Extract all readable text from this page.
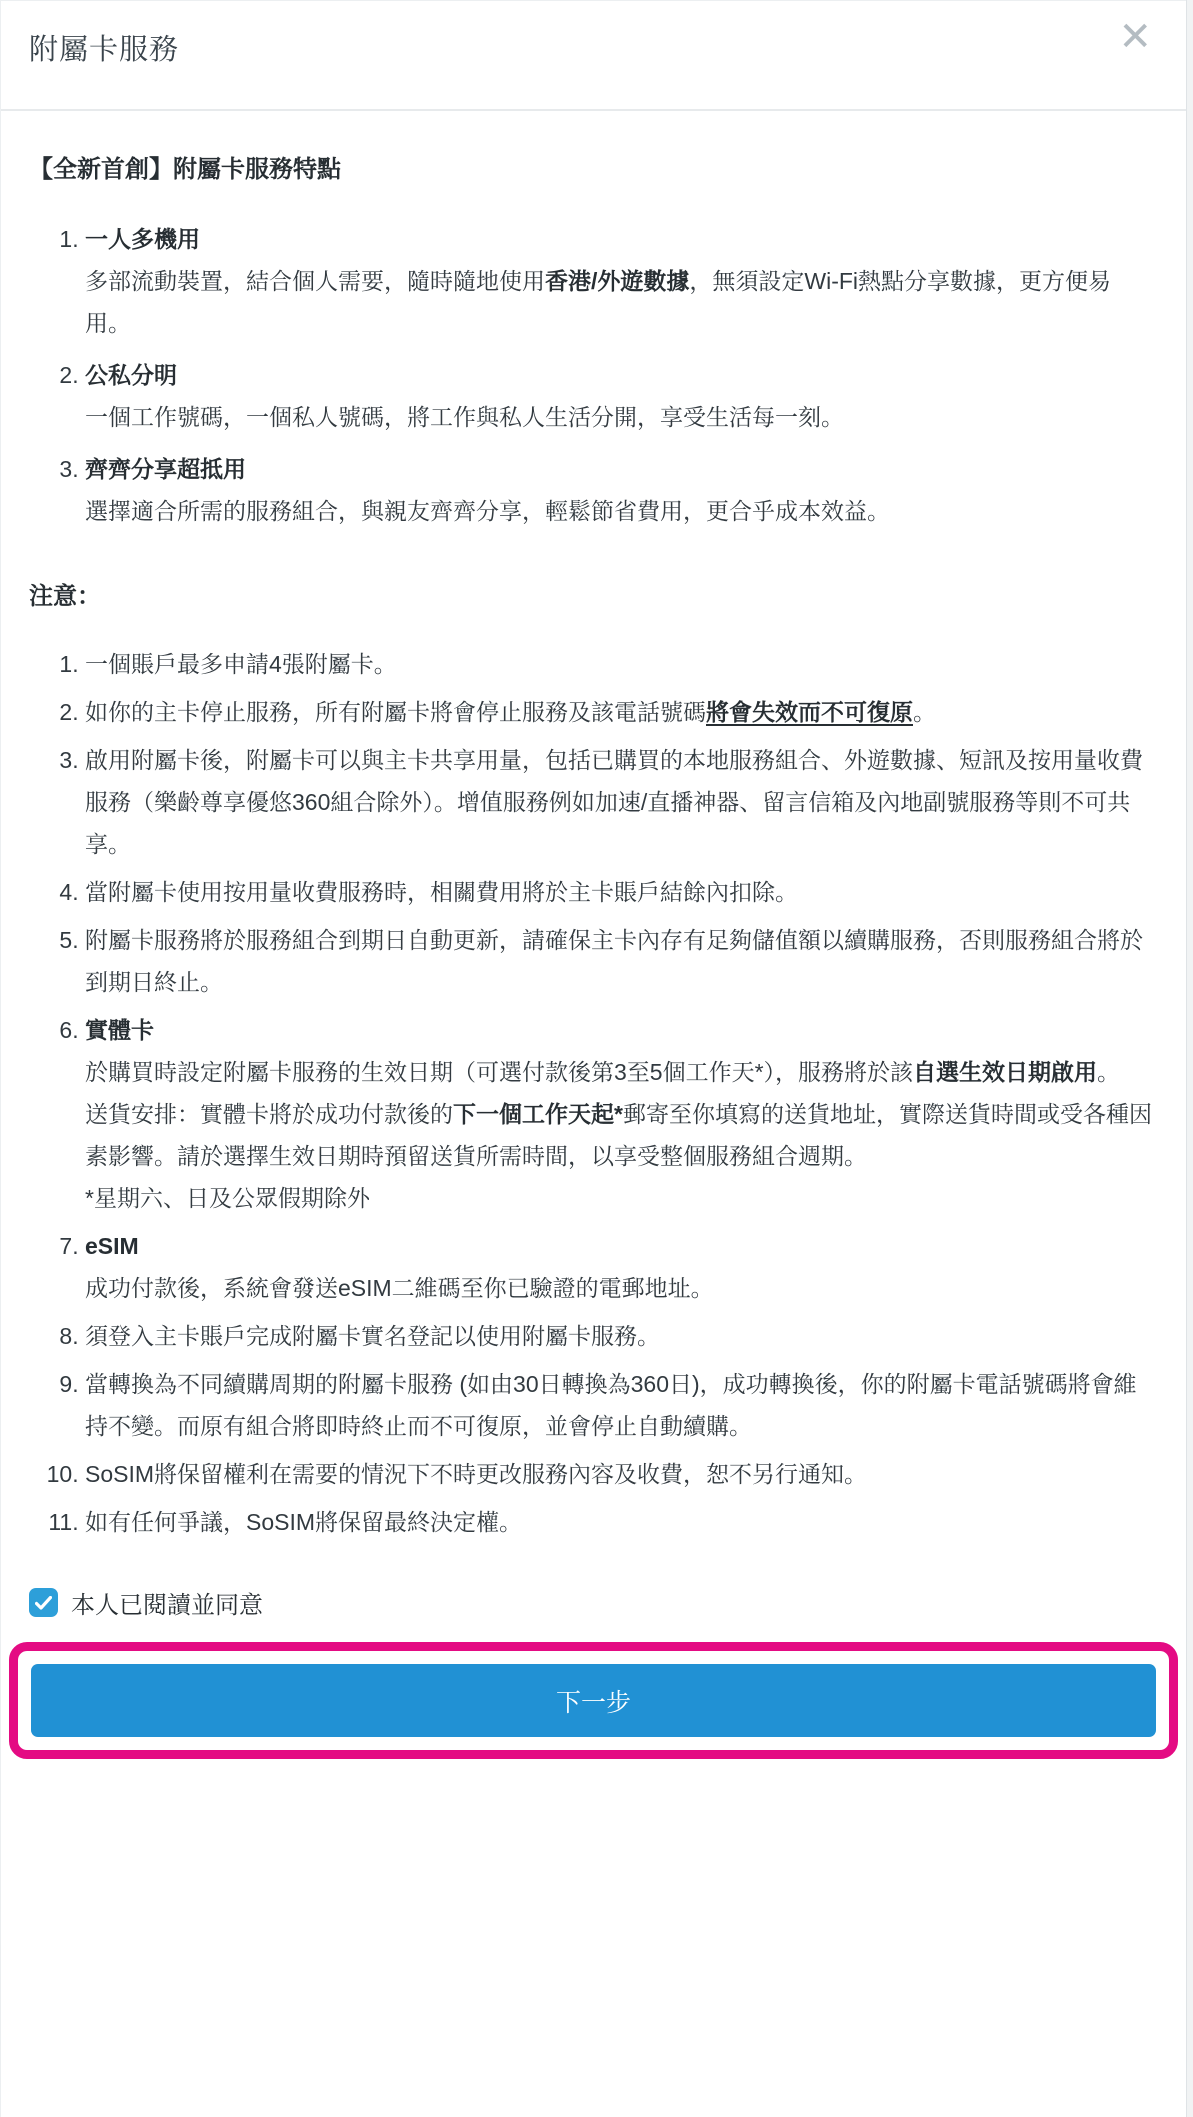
附屬卡服務	✕
【全新首創】附屬卡服務特點
1. 一人多機用
多部流動裝置，結合個人需要，隨時隨地使用香港/外遊數據，無須設定Wi-Fi熱點分享數據，更方便易用。
2. 公私分明
一個工作號碼，一個私人號碼，將工作與私人生活分開，享受生活每一刻。
3. 齊齊分享超抵用
選擇適合所需的服務組合，與親友齊齊分享，輕鬆節省費用，更合乎成本效益。
注意：
1. 一個賬戶最多申請4張附屬卡。
2. 如你的主卡停止服務，所有附屬卡將會停止服務及該電話號碼將會失效而不可復原。
3. 啟用附屬卡後，附屬卡可以與主卡共享用量，包括已購買的本地服務組合、外遊數據、短訊及按用量收費服務（樂齡尊享優悠360組合除外）。增值服務例如加速/直播神器、留言信箱及內地副號服務等則不可共享。
4. 當附屬卡使用按用量收費服務時，相關費用將於主卡賬戶結餘內扣除。
5. 附屬卡服務將於服務組合到期日自動更新，請確保主卡內存有足夠儲值額以續購服務，否則服務組合將於到期日終止。
6. 實體卡
於購買時設定附屬卡服務的生效日期（可選付款後第3至5個工作天*），服務將於該自選生效日期啟用。
送貨安排：實體卡將於成功付款後的下一個工作天起*郵寄至你填寫的送貨地址，實際送貨時間或受各種因素影響。請於選擇生效日期時預留送貨所需時間，以享受整個服務組合週期。
*星期六、日及公眾假期除外
7. eSIM
成功付款後，系統會發送eSIM二維碼至你已驗證的電郵地址。
8. 須登入主卡賬戶完成附屬卡實名登記以使用附屬卡服務。
9. 當轉換為不同續購周期的附屬卡服務 (如由30日轉換為360日)，成功轉換後，你的附屬卡電話號碼將會維持不變。而原有組合將即時終止而不可復原，並會停止自動續購。
10. SoSIM將保留權利在需要的情況下不時更改服務內容及收費，恕不另行通知。
11. 如有任何爭議，SoSIM將保留最終決定權。
本人已閱讀並同意
下一步
